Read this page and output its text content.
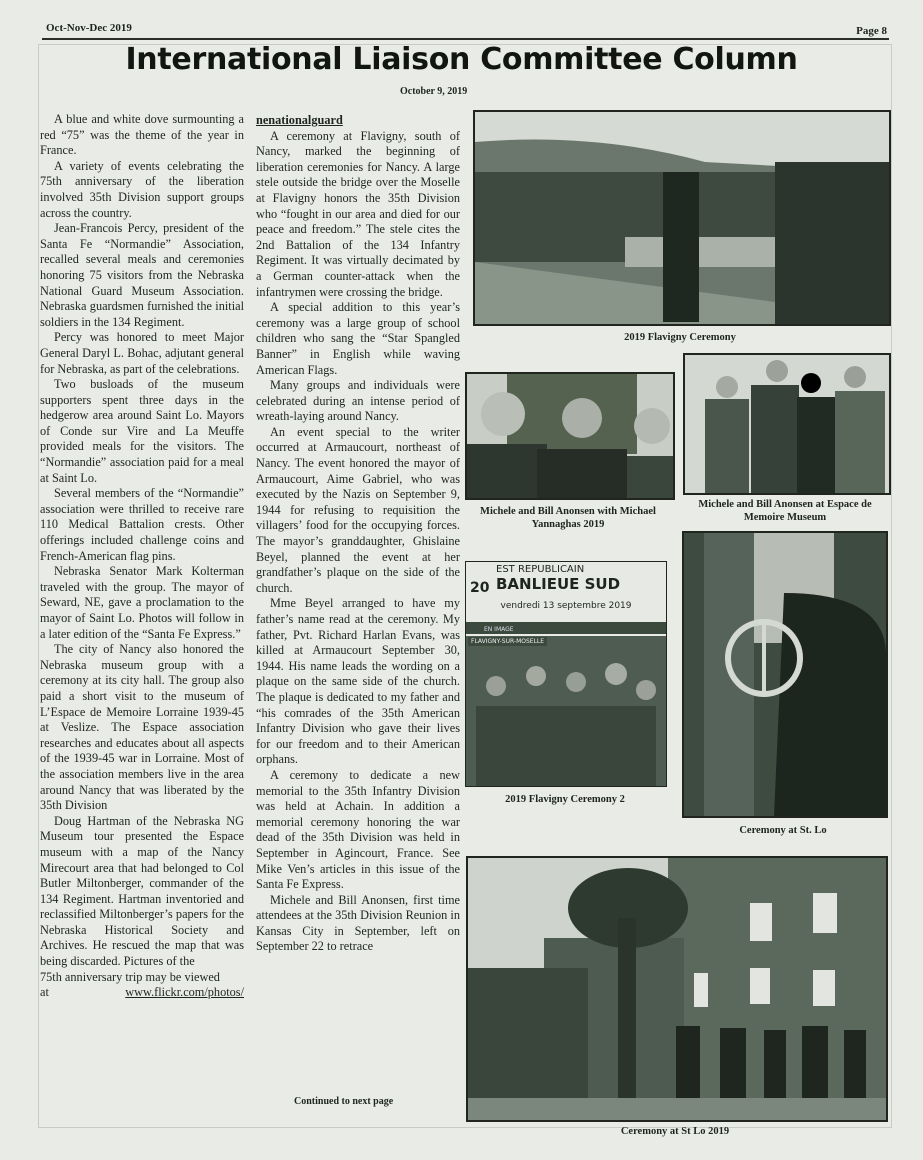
Oct-Nov-Dec 2019	Page 8
International Liaison Committee Column
October 9, 2019

A blue and white dove surmounting a red “75” was the theme of the year in France.

A variety of events celebrating the 75th anniversary of the liberation involved 35th Division support groups across the country.

Jean-Francois Percy, president of the Santa Fe “Normandie” Association, recalled several meals and ceremonies honoring 75 visitors from the Nebraska National Guard Museum Association. Nebraska guardsmen furnished the initial soldiers in the 134 Regiment.

Percy was honored to meet Major General Daryl L. Bohac, adjutant general for Nebraska, as part of the celebrations.

Two busloads of the museum supporters spent three days in the hedgerow area around Saint Lo. Mayors of Conde sur Vire and La Meuffe provided meals for the visitors. The “Normandie” association paid for a meal at Saint Lo.

Several members of the “Normandie” association were thrilled to receive rare 110 Medical Battalion crests. Other offerings included challenge coins and French-American flag pins.

Nebraska Senator Mark Kolterman traveled with the group. The mayor of Seward, NE, gave a proclamation to the mayor of Saint Lo. Photos will follow in a later edition of the “Santa Fe Express.”

The city of Nancy also honored the Nebraska museum group with a ceremony at its city hall. The group also paid a short visit to the museum of L’Espace de Memoire Lorraine 1939-45 at Veslize. The Espace association researches and educates about all aspects of the 1939-45 war in Lorraine. Most of the association members live in the area around Nancy that was liberated by the 35th Division

Doug Hartman of the Nebraska NG Museum tour presented the Espace museum with a map of the Nancy Mirecourt area that had belonged to Col Butler Miltonberger, commander of the 134 Regiment. Hartman inventoried and reclassified Miltonberger’s papers for the Nebraska Historical Society and Archives. He rescued the map that was being discarded. Pictures of the

75th anniversary trip may be viewed
at	www.flickr.com/photos/
nenationalguard

A ceremony at Flavigny, south of Nancy, marked the beginning of liberation ceremonies for Nancy. A large stele outside the bridge over the Moselle at Flavigny honors the 35th Division who “fought in our area and died for our peace and freedom.” The stele cites the 2nd Battalion of the 134 Infantry Regiment. It was virtually decimated by a German counter-attack when the infantrymen were crossing the bridge.

A special addition to this year’s ceremony was a large group of school children who sang the “Star Spangled Banner” in English while waving American Flags.

Many groups and individuals were celebrated during an intense period of wreath-laying around Nancy.

An event special to the writer occurred at Armaucourt, northeast of Nancy. The event honored the mayor of Armaucourt, Aime Gabriel, who was executed by the Nazis on September 9, 1944 for refusing to requisition the villagers’ food for the occupying forces. The mayor’s granddaughter, Ghislaine Beyel, planned the event at her grandfather’s plaque on the side of the church.

Mme Beyel arranged to have my father’s name read at the ceremony. My father, Pvt. Richard Harlan Evans, was killed at Armaucourt September 30, 1944. His name leads the wording on a plaque on the same side of the church. The plaque is dedicated to my father and “his comrades of the 35th American Infantry Division who gave their lives for our freedom and to their American orphans.

A ceremony to dedicate a new memorial to the 35th Infantry Division was held at Achain. In addition a memorial ceremony honoring the war dead of the 35th Division was held in September in Agincourt, France. See Mike Ven’s articles in this issue of the Santa Fe Express.

Michele and Bill Anonsen, first time attendees at the 35th Division Reunion in Kansas City in September, left on September 22 to retrace

Continued to next page
2019 Flavigny Ceremony
Michele and Bill Anonsen with Michael Yannaghas 2019
Michele and Bill Anonsen at Espace de Memoire Museum
20
EST REPUBLICAIN
BANLIEUE SUD
vendredi 13 septembre 2019
EN IMAGE
FLAVIGNY-SUR-MOSELLE
2019 Flavigny Ceremony 2
Ceremony at St. Lo
Ceremony at St Lo 2019
